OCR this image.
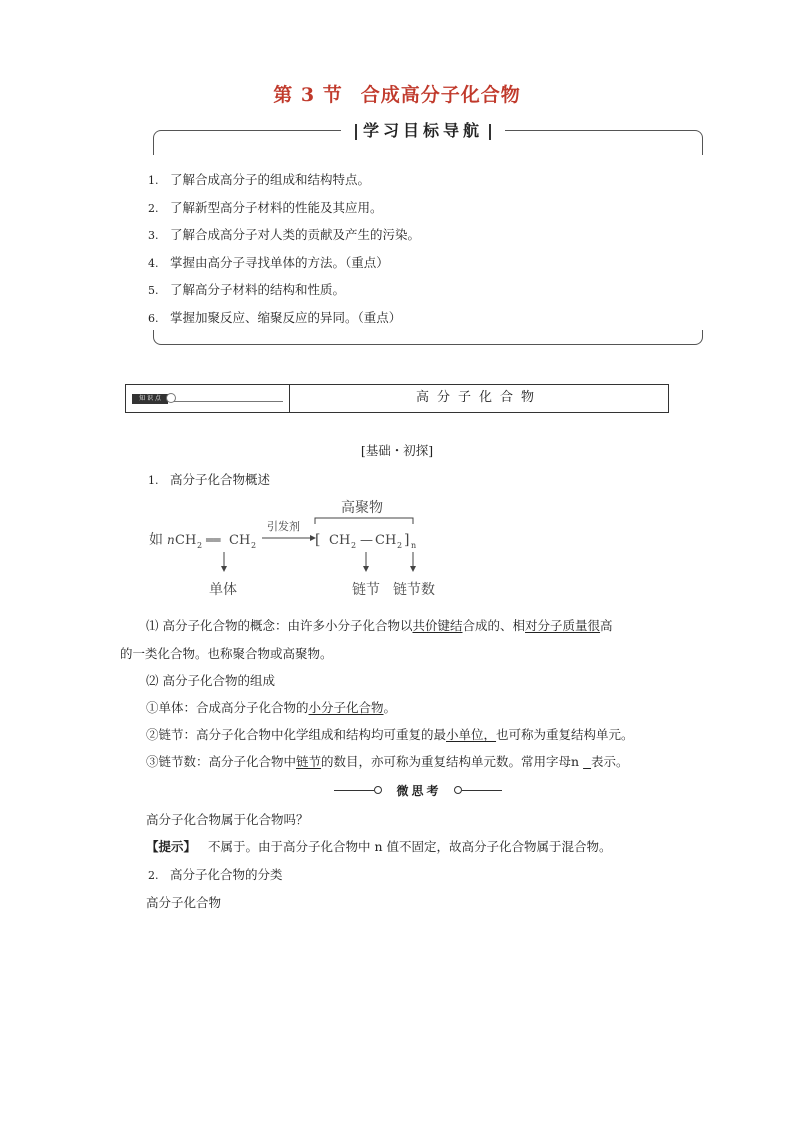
第 3 节 合成高分子化合物
学习目标导航
1. 了解合成高分子的组成和结构特点。
2. 了解新型高分子材料的性能及其应用。
3. 了解合成高分子对人类的贡献及产生的污染。
4. 掌握由高分子寻找单体的方法。（重点）
5. 了解高分子材料的结构和性质。
6. 掌握加聚反应、缩聚反应的异同。（重点）
知 识 点	高分子化合物
[基础・初探]
1. 高分子化合物概述
如 n CH 2 ══ CH 2
引发剂
高聚物
[ CH 2 — CH 2 ] n
单体	链节 链节数
⑴ 高分子化合物的概念：由许多小分子化合物以共价键结合成的、相对分子质量很高
的一类化合物。也称聚合物或高聚物。
⑵ 高分子化合物的组成
①单体：合成高分子化合物的小分子化合物。
②链节：高分子化合物中化学组成和结构均可重复的最小单位，也可称为重复结构单元。
③链节数：高分子化合物中链节的数目，亦可称为重复结构单元数。常用字母n   表示。
微思考
高分子化合物属于化合物吗？
【提示】 不属于。由于高分子化合物中 n 值不固定，故高分子化合物属于混合物。
2. 高分子化合物的分类
高分子化合物
